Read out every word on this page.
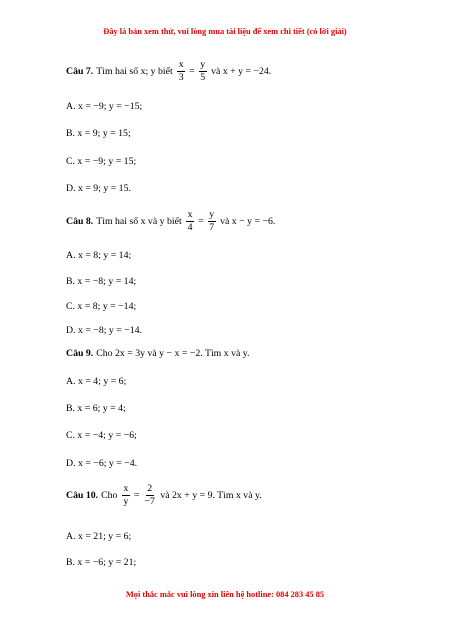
Đây là bản xem thử, vui lòng mua tài liệu để xem chi tiết (có lời giải)
Câu 7. Tìm hai số x; y biết $\frac{x}{3} = \frac{y}{5}$ và x + y = −24.
A. x = −9; y = −15;
B. x = 9; y = 15;
C. x = −9; y = 15;
D. x = 9; y = 15.
Câu 8. Tìm hai số x và y biết $\frac{x}{4} = \frac{y}{7}$ và x − y = −6.
A. x = 8; y = 14;
B. x = −8; y = 14;
C. x = 8; y = −14;
D. x = −8; y = −14.
Câu 9. Cho 2x = 3y và y − x = −2. Tìm x và y.
A. x = 4; y = 6;
B. x = 6; y = 4;
C. x = −4; y = −6;
D. x = −6; y = −4.
Câu 10. Cho $\frac{x}{y} = \frac{2}{-7}$ và 2x + y = 9. Tìm x và y.
A. x = 21; y = 6;
B. x = −6; y = 21;
Mọi thắc mắc vui lòng xin liên hệ hotline: 084 283 45 85
